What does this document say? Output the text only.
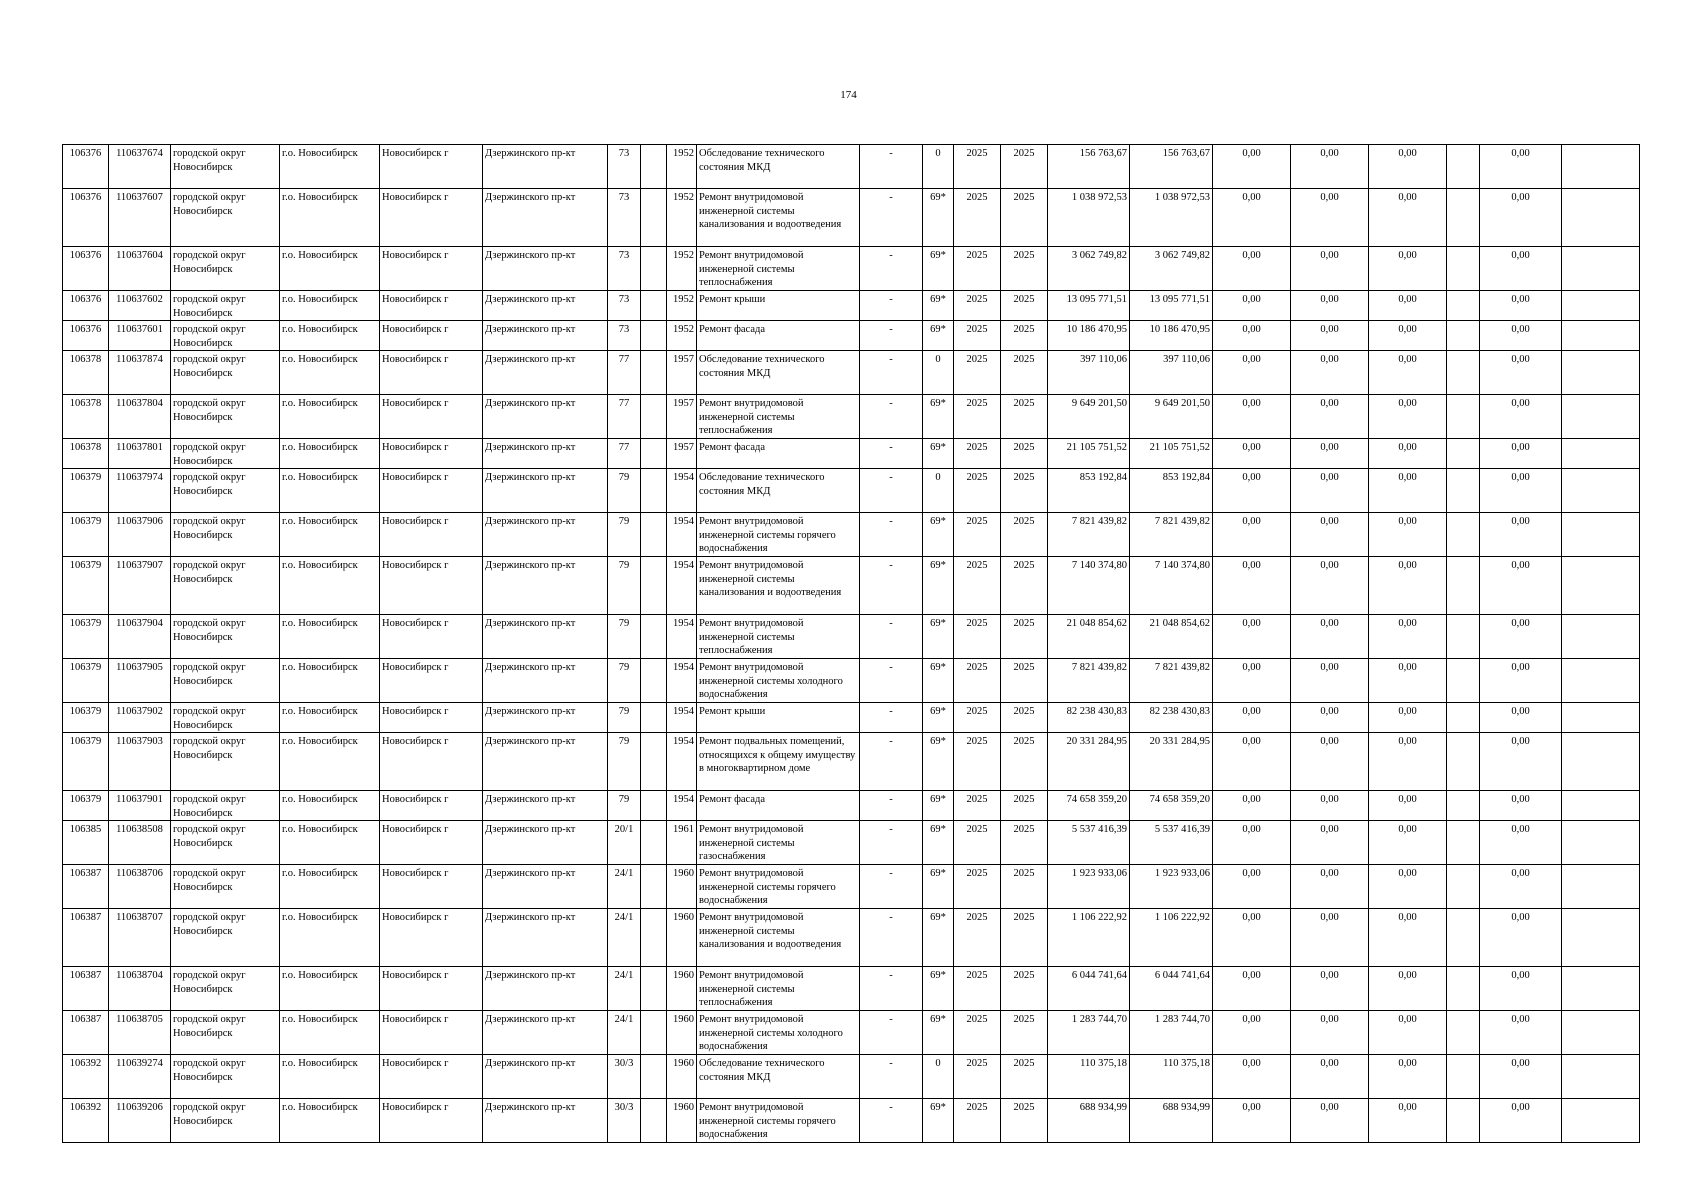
174
106376	110637674	городской округ Новосибирск	г.о. Новосибирск	Новосибирск г	Дзержинского пр-кт	73		1952	Обследование технического состояния МКД	-	0	2025	2025	156 763,67	156 763,67	0,00	0,00	0,00		0,00	
106376	110637607	городской округ Новосибирск	г.о. Новосибирск	Новосибирск г	Дзержинского пр-кт	73		1952	Ремонт внутридомовой инженерной системы канализования и водоотведения	-	69*	2025	2025	1 038 972,53	1 038 972,53	0,00	0,00	0,00		0,00	
106376	110637604	городской округ Новосибирск	г.о. Новосибирск	Новосибирск г	Дзержинского пр-кт	73		1952	Ремонт внутридомовой инженерной системы теплоснабжения	-	69*	2025	2025	3 062 749,82	3 062 749,82	0,00	0,00	0,00		0,00	
106376	110637602	городской округ Новосибирск	г.о. Новосибирск	Новосибирск г	Дзержинского пр-кт	73		1952	Ремонт крыши	-	69*	2025	2025	13 095 771,51	13 095 771,51	0,00	0,00	0,00		0,00	
106376	110637601	городской округ Новосибирск	г.о. Новосибирск	Новосибирск г	Дзержинского пр-кт	73		1952	Ремонт фасада	-	69*	2025	2025	10 186 470,95	10 186 470,95	0,00	0,00	0,00		0,00	
106378	110637874	городской округ Новосибирск	г.о. Новосибирск	Новосибирск г	Дзержинского пр-кт	77		1957	Обследование технического состояния МКД	-	0	2025	2025	397 110,06	397 110,06	0,00	0,00	0,00		0,00	
106378	110637804	городской округ Новосибирск	г.о. Новосибирск	Новосибирск г	Дзержинского пр-кт	77		1957	Ремонт внутридомовой инженерной системы теплоснабжения	-	69*	2025	2025	9 649 201,50	9 649 201,50	0,00	0,00	0,00		0,00	
106378	110637801	городской округ Новосибирск	г.о. Новосибирск	Новосибирск г	Дзержинского пр-кт	77		1957	Ремонт фасада	-	69*	2025	2025	21 105 751,52	21 105 751,52	0,00	0,00	0,00		0,00	
106379	110637974	городской округ Новосибирск	г.о. Новосибирск	Новосибирск г	Дзержинского пр-кт	79		1954	Обследование технического состояния МКД	-	0	2025	2025	853 192,84	853 192,84	0,00	0,00	0,00		0,00	
106379	110637906	городской округ Новосибирск	г.о. Новосибирск	Новосибирск г	Дзержинского пр-кт	79		1954	Ремонт внутридомовой инженерной системы горячего водоснабжения	-	69*	2025	2025	7 821 439,82	7 821 439,82	0,00	0,00	0,00		0,00	
106379	110637907	городской округ Новосибирск	г.о. Новосибирск	Новосибирск г	Дзержинского пр-кт	79		1954	Ремонт внутридомовой инженерной системы канализования и водоотведения	-	69*	2025	2025	7 140 374,80	7 140 374,80	0,00	0,00	0,00		0,00	
106379	110637904	городской округ Новосибирск	г.о. Новосибирск	Новосибирск г	Дзержинского пр-кт	79		1954	Ремонт внутридомовой инженерной системы теплоснабжения	-	69*	2025	2025	21 048 854,62	21 048 854,62	0,00	0,00	0,00		0,00	
106379	110637905	городской округ Новосибирск	г.о. Новосибирск	Новосибирск г	Дзержинского пр-кт	79		1954	Ремонт внутридомовой инженерной системы холодного водоснабжения	-	69*	2025	2025	7 821 439,82	7 821 439,82	0,00	0,00	0,00		0,00	
106379	110637902	городской округ Новосибирск	г.о. Новосибирск	Новосибирск г	Дзержинского пр-кт	79		1954	Ремонт крыши	-	69*	2025	2025	82 238 430,83	82 238 430,83	0,00	0,00	0,00		0,00	
106379	110637903	городской округ Новосибирск	г.о. Новосибирск	Новосибирск г	Дзержинского пр-кт	79		1954	Ремонт подвальных помещений, относящихся к общему имуществу в многоквартирном доме	-	69*	2025	2025	20 331 284,95	20 331 284,95	0,00	0,00	0,00		0,00	
106379	110637901	городской округ Новосибирск	г.о. Новосибирск	Новосибирск г	Дзержинского пр-кт	79		1954	Ремонт фасада	-	69*	2025	2025	74 658 359,20	74 658 359,20	0,00	0,00	0,00		0,00	
106385	110638508	городской округ Новосибирск	г.о. Новосибирск	Новосибирск г	Дзержинского пр-кт	20/1		1961	Ремонт внутридомовой инженерной системы газоснабжения	-	69*	2025	2025	5 537 416,39	5 537 416,39	0,00	0,00	0,00		0,00	
106387	110638706	городской округ Новосибирск	г.о. Новосибирск	Новосибирск г	Дзержинского пр-кт	24/1		1960	Ремонт внутридомовой инженерной системы горячего водоснабжения	-	69*	2025	2025	1 923 933,06	1 923 933,06	0,00	0,00	0,00		0,00	
106387	110638707	городской округ Новосибирск	г.о. Новосибирск	Новосибирск г	Дзержинского пр-кт	24/1		1960	Ремонт внутридомовой инженерной системы канализования и водоотведения	-	69*	2025	2025	1 106 222,92	1 106 222,92	0,00	0,00	0,00		0,00	
106387	110638704	городской округ Новосибирск	г.о. Новосибирск	Новосибирск г	Дзержинского пр-кт	24/1		1960	Ремонт внутридомовой инженерной системы теплоснабжения	-	69*	2025	2025	6 044 741,64	6 044 741,64	0,00	0,00	0,00		0,00	
106387	110638705	городской округ Новосибирск	г.о. Новосибирск	Новосибирск г	Дзержинского пр-кт	24/1		1960	Ремонт внутридомовой инженерной системы холодного водоснабжения	-	69*	2025	2025	1 283 744,70	1 283 744,70	0,00	0,00	0,00		0,00	
106392	110639274	городской округ Новосибирск	г.о. Новосибирск	Новосибирск г	Дзержинского пр-кт	30/3		1960	Обследование технического состояния МКД	-	0	2025	2025	110 375,18	110 375,18	0,00	0,00	0,00		0,00	
106392	110639206	городской округ Новосибирск	г.о. Новосибирск	Новосибирск г	Дзержинского пр-кт	30/3		1960	Ремонт внутридомовой инженерной системы горячего водоснабжения	-	69*	2025	2025	688 934,99	688 934,99	0,00	0,00	0,00		0,00	
